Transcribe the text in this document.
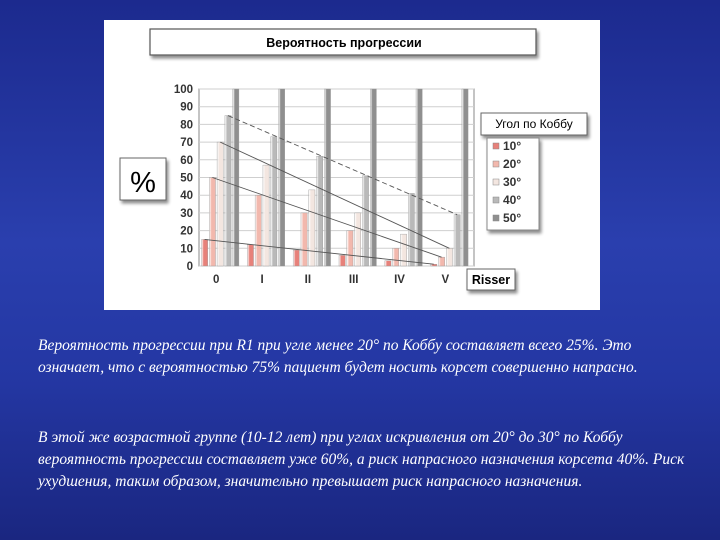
Вероятность прогрессии
%
0
10
20
30
40
50
60
70
80
90
100
0	I	II	III	IV	V Risser
Угол по Коббу
10°
20°
30°
40°
50°

Вероятность прогрессии при R1 при угле менее 20° по Коббу составляет всего 25%. Это означает, что с вероятностью 75% пациент будет носить корсет совершенно напрасно.

В этой же возрастной группе (10-12 лет) при углах искривления от 20° до 30° по Коббу вероятность прогрессии составляет уже 60%, а риск напрасного назначения корсета 40%. Риск ухудшения, таким образом, значительно превышает риск напрасного назначения.
